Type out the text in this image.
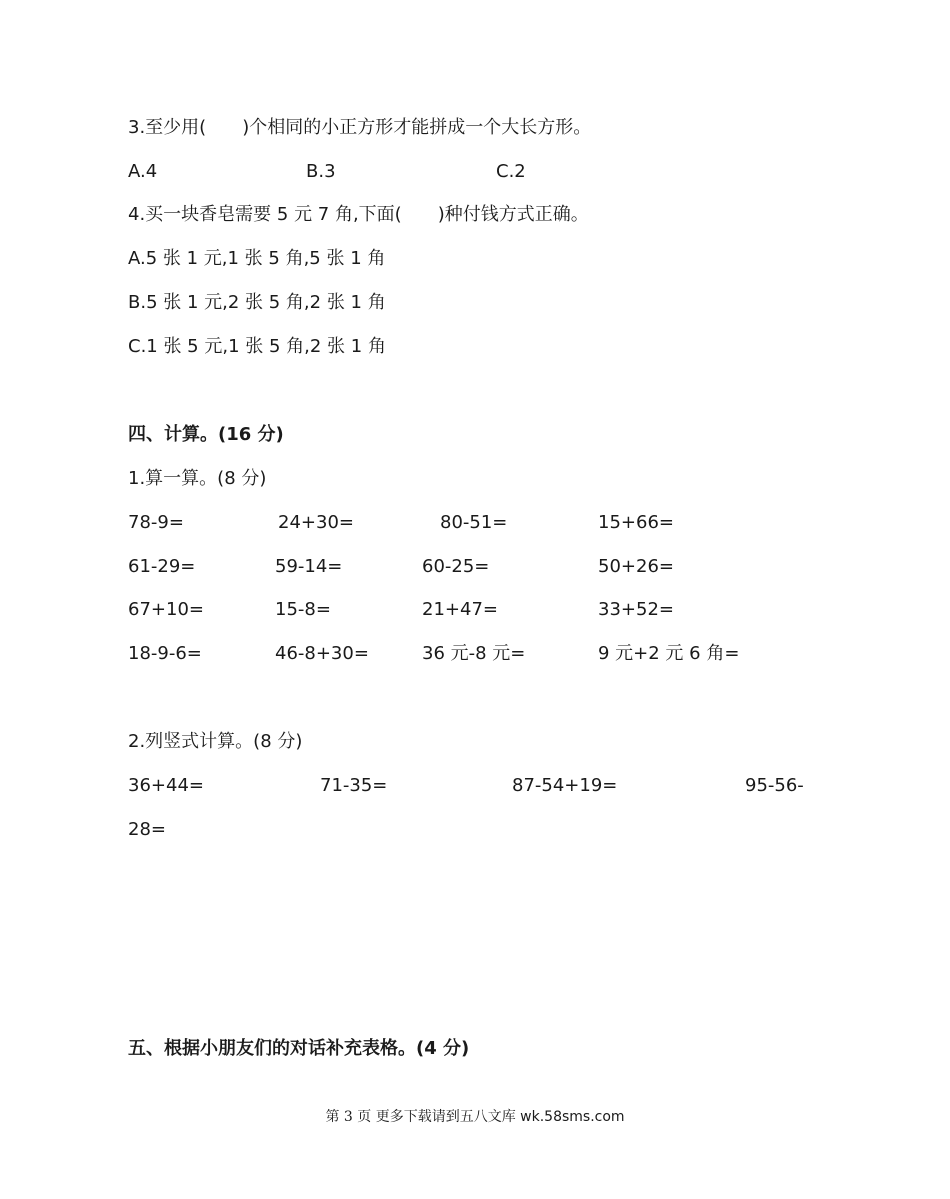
3.至少用(　　)个相同的小正方形才能拼成一个大长方形。
A.4	B.3	C.2
4.买一块香皂需要 5 元 7 角,下面(　　)种付钱方式正确。
A.5 张 1 元,1 张 5 角,5 张 1 角
B.5 张 1 元,2 张 5 角,2 张 1 角
C.1 张 5 元,1 张 5 角,2 张 1 角
四、计算。(16 分)
1.算一算。(8 分)
78-9=	24+30=	80-51=	15+66=
61-29=	59-14=	60-25=	50+26=
67+10=	15-8=	21+47=	33+52=
18-9-6=	46-8+30=	36 元-8 元=	9 元+2 元 6 角=
2.列竖式计算。(8 分)
36+44=	71-35=	87-54+19=	95-56-
28=
五、根据小朋友们的对话补充表格。(4 分)
第 3 页 更多下载请到五八文库 wk.58sms.com
